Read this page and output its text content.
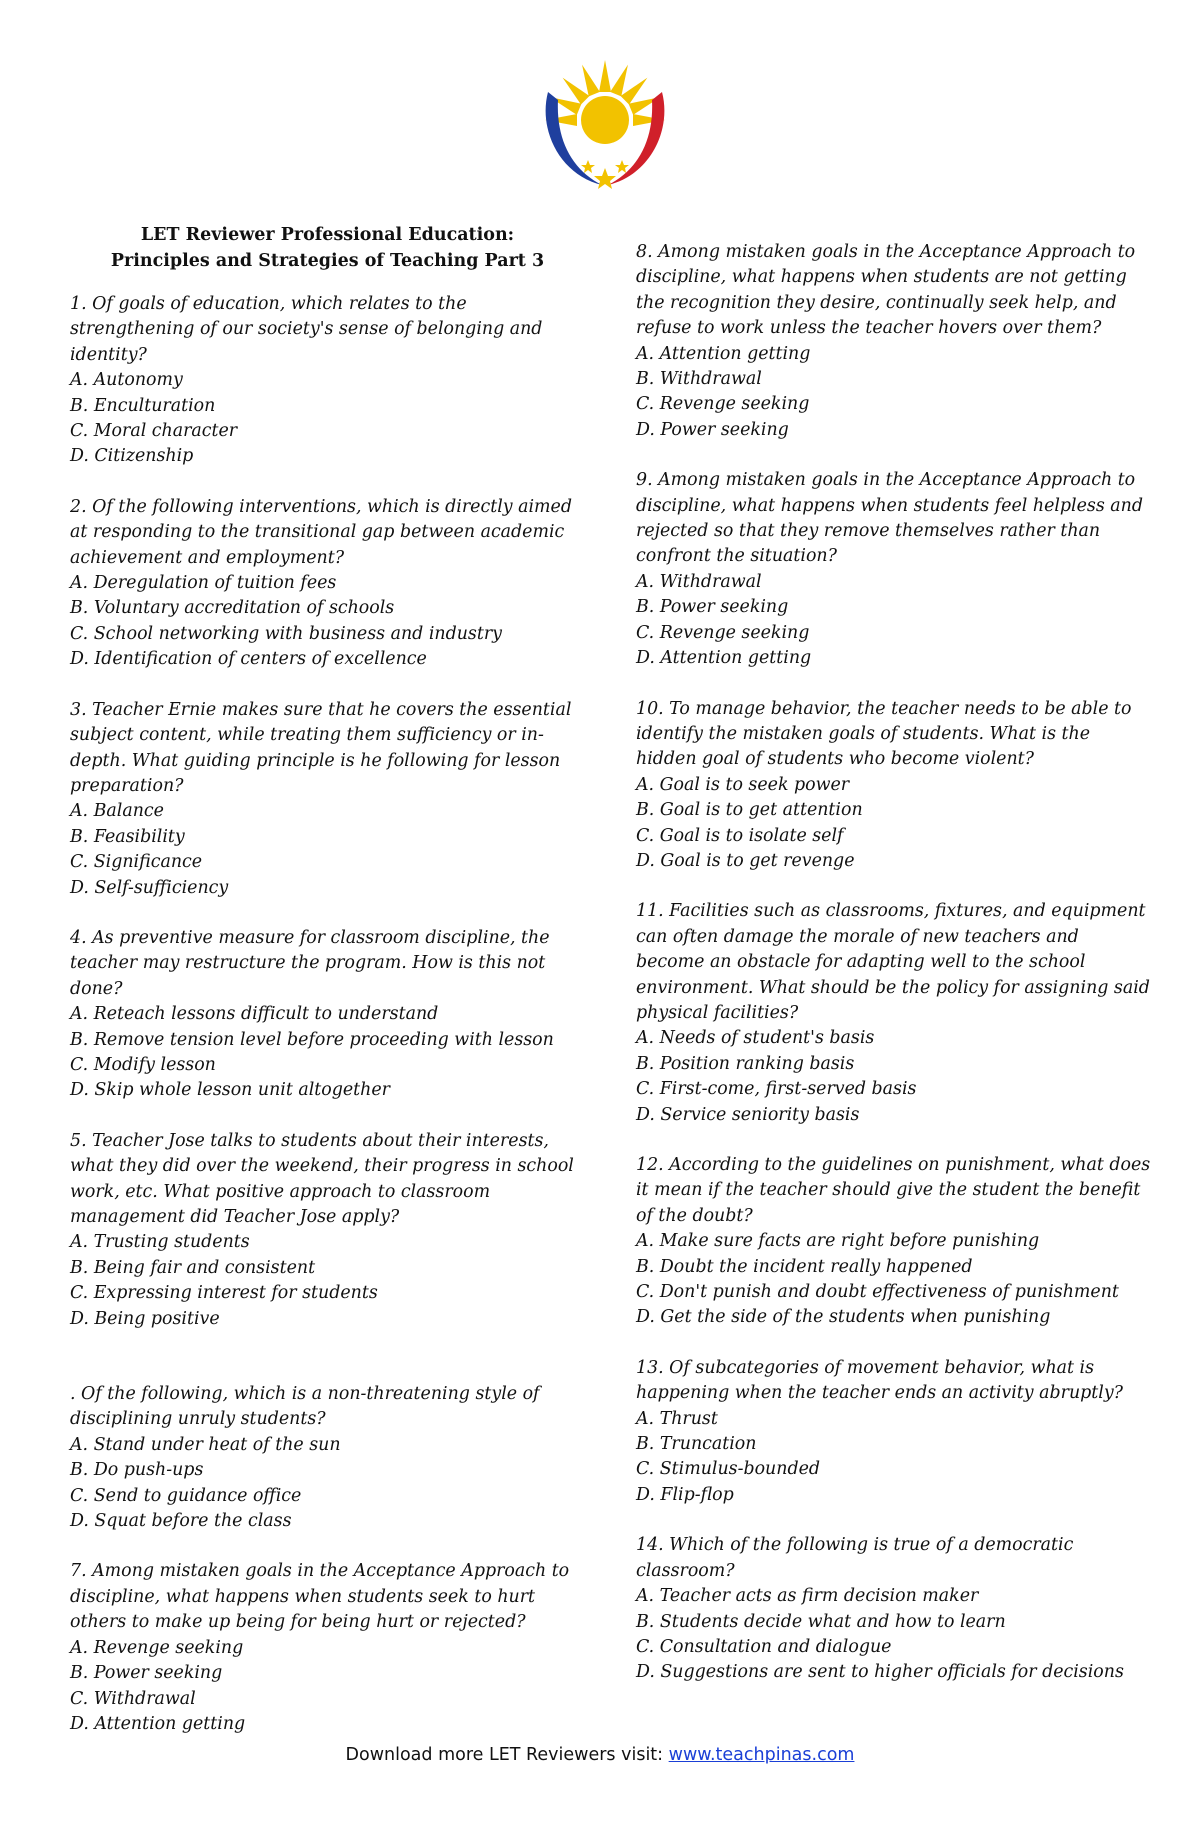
LET Reviewer Professional Education:
Principles and Strategies of Teaching Part 3
1. Of goals of education, which relates to the strengthening of our society's sense of belonging and identity?
A. Autonomy
B. Enculturation
C. Moral character
D. Citizenship
2. Of the following interventions, which is directly aimed at responding to the transitional gap between academic achievement and employment?
A. Deregulation of tuition fees
B. Voluntary accreditation of schools
C. School networking with business and industry
D. Identification of centers of excellence
3. Teacher Ernie makes sure that he covers the essential subject content, while treating them sufficiency or in-depth. What guiding principle is he following for lesson preparation?
A. Balance
B. Feasibility
C. Significance
D. Self-sufficiency
4. As preventive measure for classroom discipline, the teacher may restructure the program. How is this not done?
A. Reteach lessons difficult to understand
B. Remove tension level before proceeding with lesson
C. Modify lesson
D. Skip whole lesson unit altogether
5. Teacher Jose talks to students about their interests, what they did over the weekend, their progress in school work, etc. What positive approach to classroom management did Teacher Jose apply?
A. Trusting students
B. Being fair and consistent
C. Expressing interest for students
D. Being positive
. Of the following, which is a non-threatening style of disciplining unruly students?
A. Stand under heat of the sun
B. Do push-ups
C. Send to guidance office
D. Squat before the class
7. Among mistaken goals in the Acceptance Approach to discipline, what happens when students seek to hurt others to make up being for being hurt or rejected?
A. Revenge seeking
B. Power seeking
C. Withdrawal
D. Attention getting
8. Among mistaken goals in the Acceptance Approach to discipline, what happens when students are not getting the recognition they desire, continually seek help, and refuse to work unless the teacher hovers over them?
A. Attention getting
B. Withdrawal
C. Revenge seeking
D. Power seeking
9. Among mistaken goals in the Acceptance Approach to discipline, what happens when students feel helpless and rejected so that they remove themselves rather than confront the situation?
A. Withdrawal
B. Power seeking
C. Revenge seeking
D. Attention getting
10. To manage behavior, the teacher needs to be able to identify the mistaken goals of students. What is the hidden goal of students who become violent?
A. Goal is to seek power
B. Goal is to get attention
C. Goal is to isolate self
D. Goal is to get revenge
11. Facilities such as classrooms, fixtures, and equipment can often damage the morale of new teachers and become an obstacle for adapting well to the school environment. What should be the policy for assigning said physical facilities?
A. Needs of student's basis
B. Position ranking basis
C. First-come, first-served basis
D. Service seniority basis
12. According to the guidelines on punishment, what does it mean if the teacher should give the student the benefit of the doubt?
A. Make sure facts are right before punishing
B. Doubt the incident really happened
C. Don't punish and doubt effectiveness of punishment
D. Get the side of the students when punishing
13. Of subcategories of movement behavior, what is happening when the teacher ends an activity abruptly?
A. Thrust
B. Truncation
C. Stimulus-bounded
D. Flip-flop
14. Which of the following is true of a democratic classroom?
A. Teacher acts as firm decision maker
B. Students decide what and how to learn
C. Consultation and dialogue
D. Suggestions are sent to higher officials for decisions
Download more LET Reviewers visit: www.teachpinas.com
